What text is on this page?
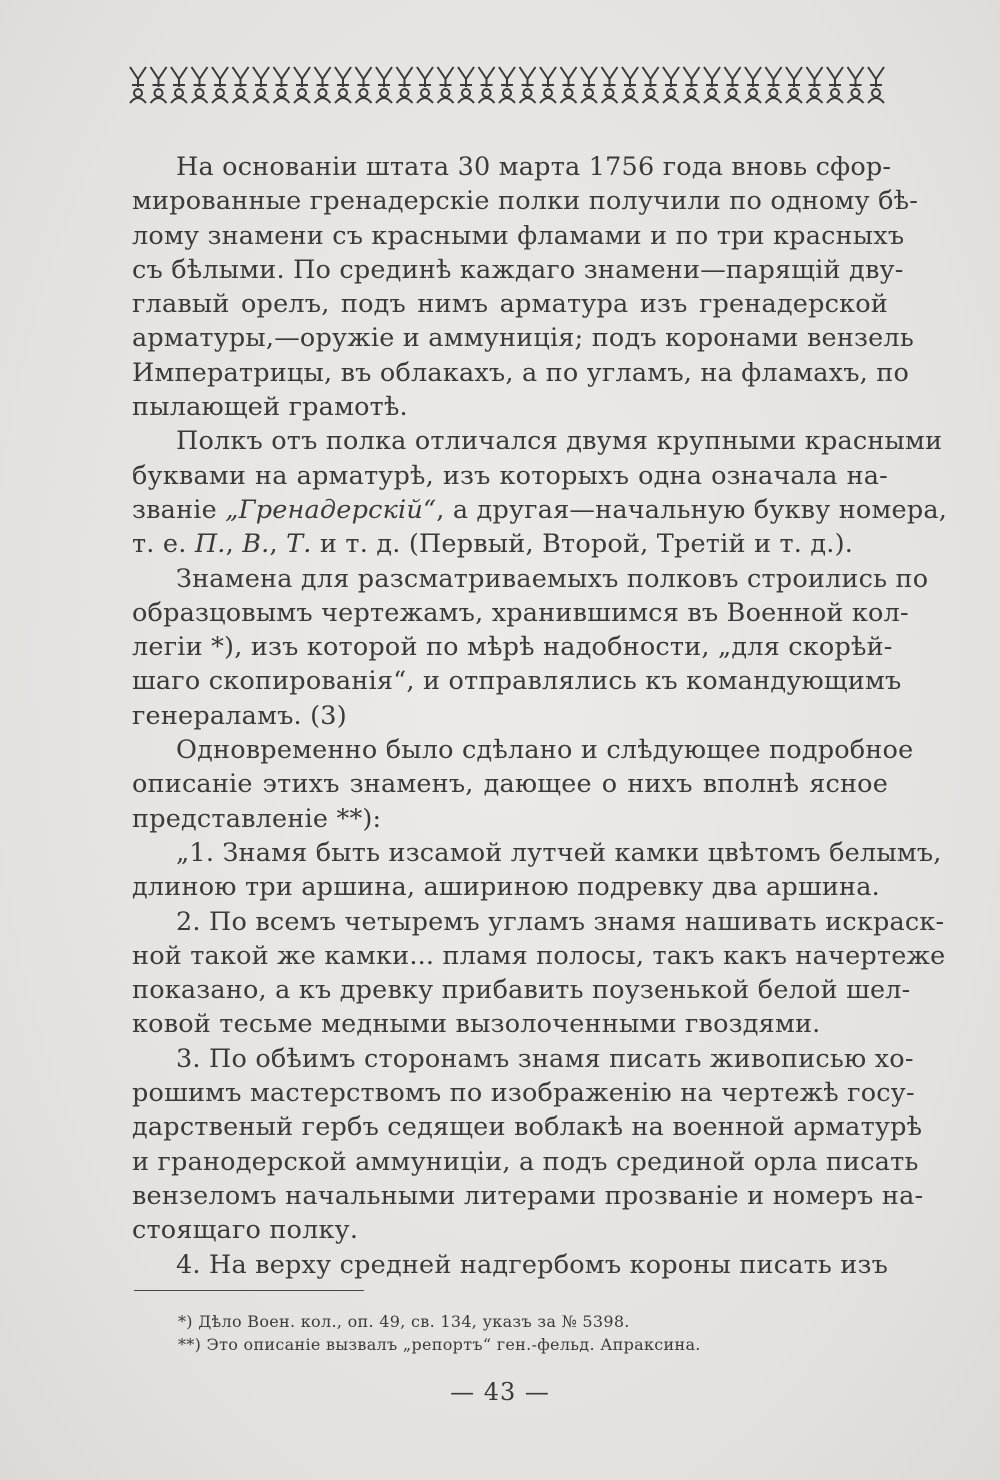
На основанiи штата 30 марта 1756 года вновь сфор-
мированные гренадерскiе полки получили по одному бѣ-
лому знамени съ красными фламами и по три красныхъ
съ бѣлыми. По срединѣ каждаго знамени—парящiй дву-
главый орелъ, подъ нимъ арматура изъ гренадерской
арматуры,—оружiе и аммуницiя; подъ коронами вензель
Императрицы, въ облакахъ, а по угламъ, на фламахъ, по
пылающей грамотѣ.
Полкъ отъ полка отличался двумя крупными красными
буквами на арматурѣ, изъ которыхъ одна означала на-
званiе „Гренадерскiй“, а другая—начальную букву номера,
т. е. П., В., Т. и т. д. (Первый, Второй, Третiй и т. д.).
Знамена для разсматриваемыхъ полковъ строились по
образцовымъ чертежамъ, хранившимся въ Военной кол-
легiи *), изъ которой по мѣрѣ надобности, „для скорѣй-
шаго скопированiя“, и отправлялись къ командующимъ
генераламъ. (3)
Одновременно было сдѣлано и слѣдующее подробное
описанiе этихъ знаменъ, дающее о нихъ вполнѣ ясное
представленiе **):
„1. Знамя быть изсамой лутчей камки цвѣтомъ белымъ,
длиною три аршина, ашириною подревку два аршина.
2. По всемъ четыремъ угламъ знамя нашивать искраск-
ной такой же камки... пламя полосы, такъ какъ начертеже
показано, а къ древку прибавить поузенькой белой шел-
ковой тесьме медными вызолоченными гвоздями.
3. По обѣимъ сторонамъ знамя писать живописью хо-
рошимъ мастерствомъ по изображенiю на чертежѣ госу-
дарственый гербъ седящеи воблакѣ на военной арматурѣ
и гранодерской аммуницiи, а подъ срединой орла писать
вензеломъ начальными литерами прозванiе и номеръ на-
стоящаго полку.
4. На верху средней надгербомъ короны писать изъ
*) Дѣло Воен. кол., оп. 49, св. 134, указъ за № 5398.
**) Это описанiе вызвалъ „репортъ“ ген.-фельд. Апраксина.
— 43 —
